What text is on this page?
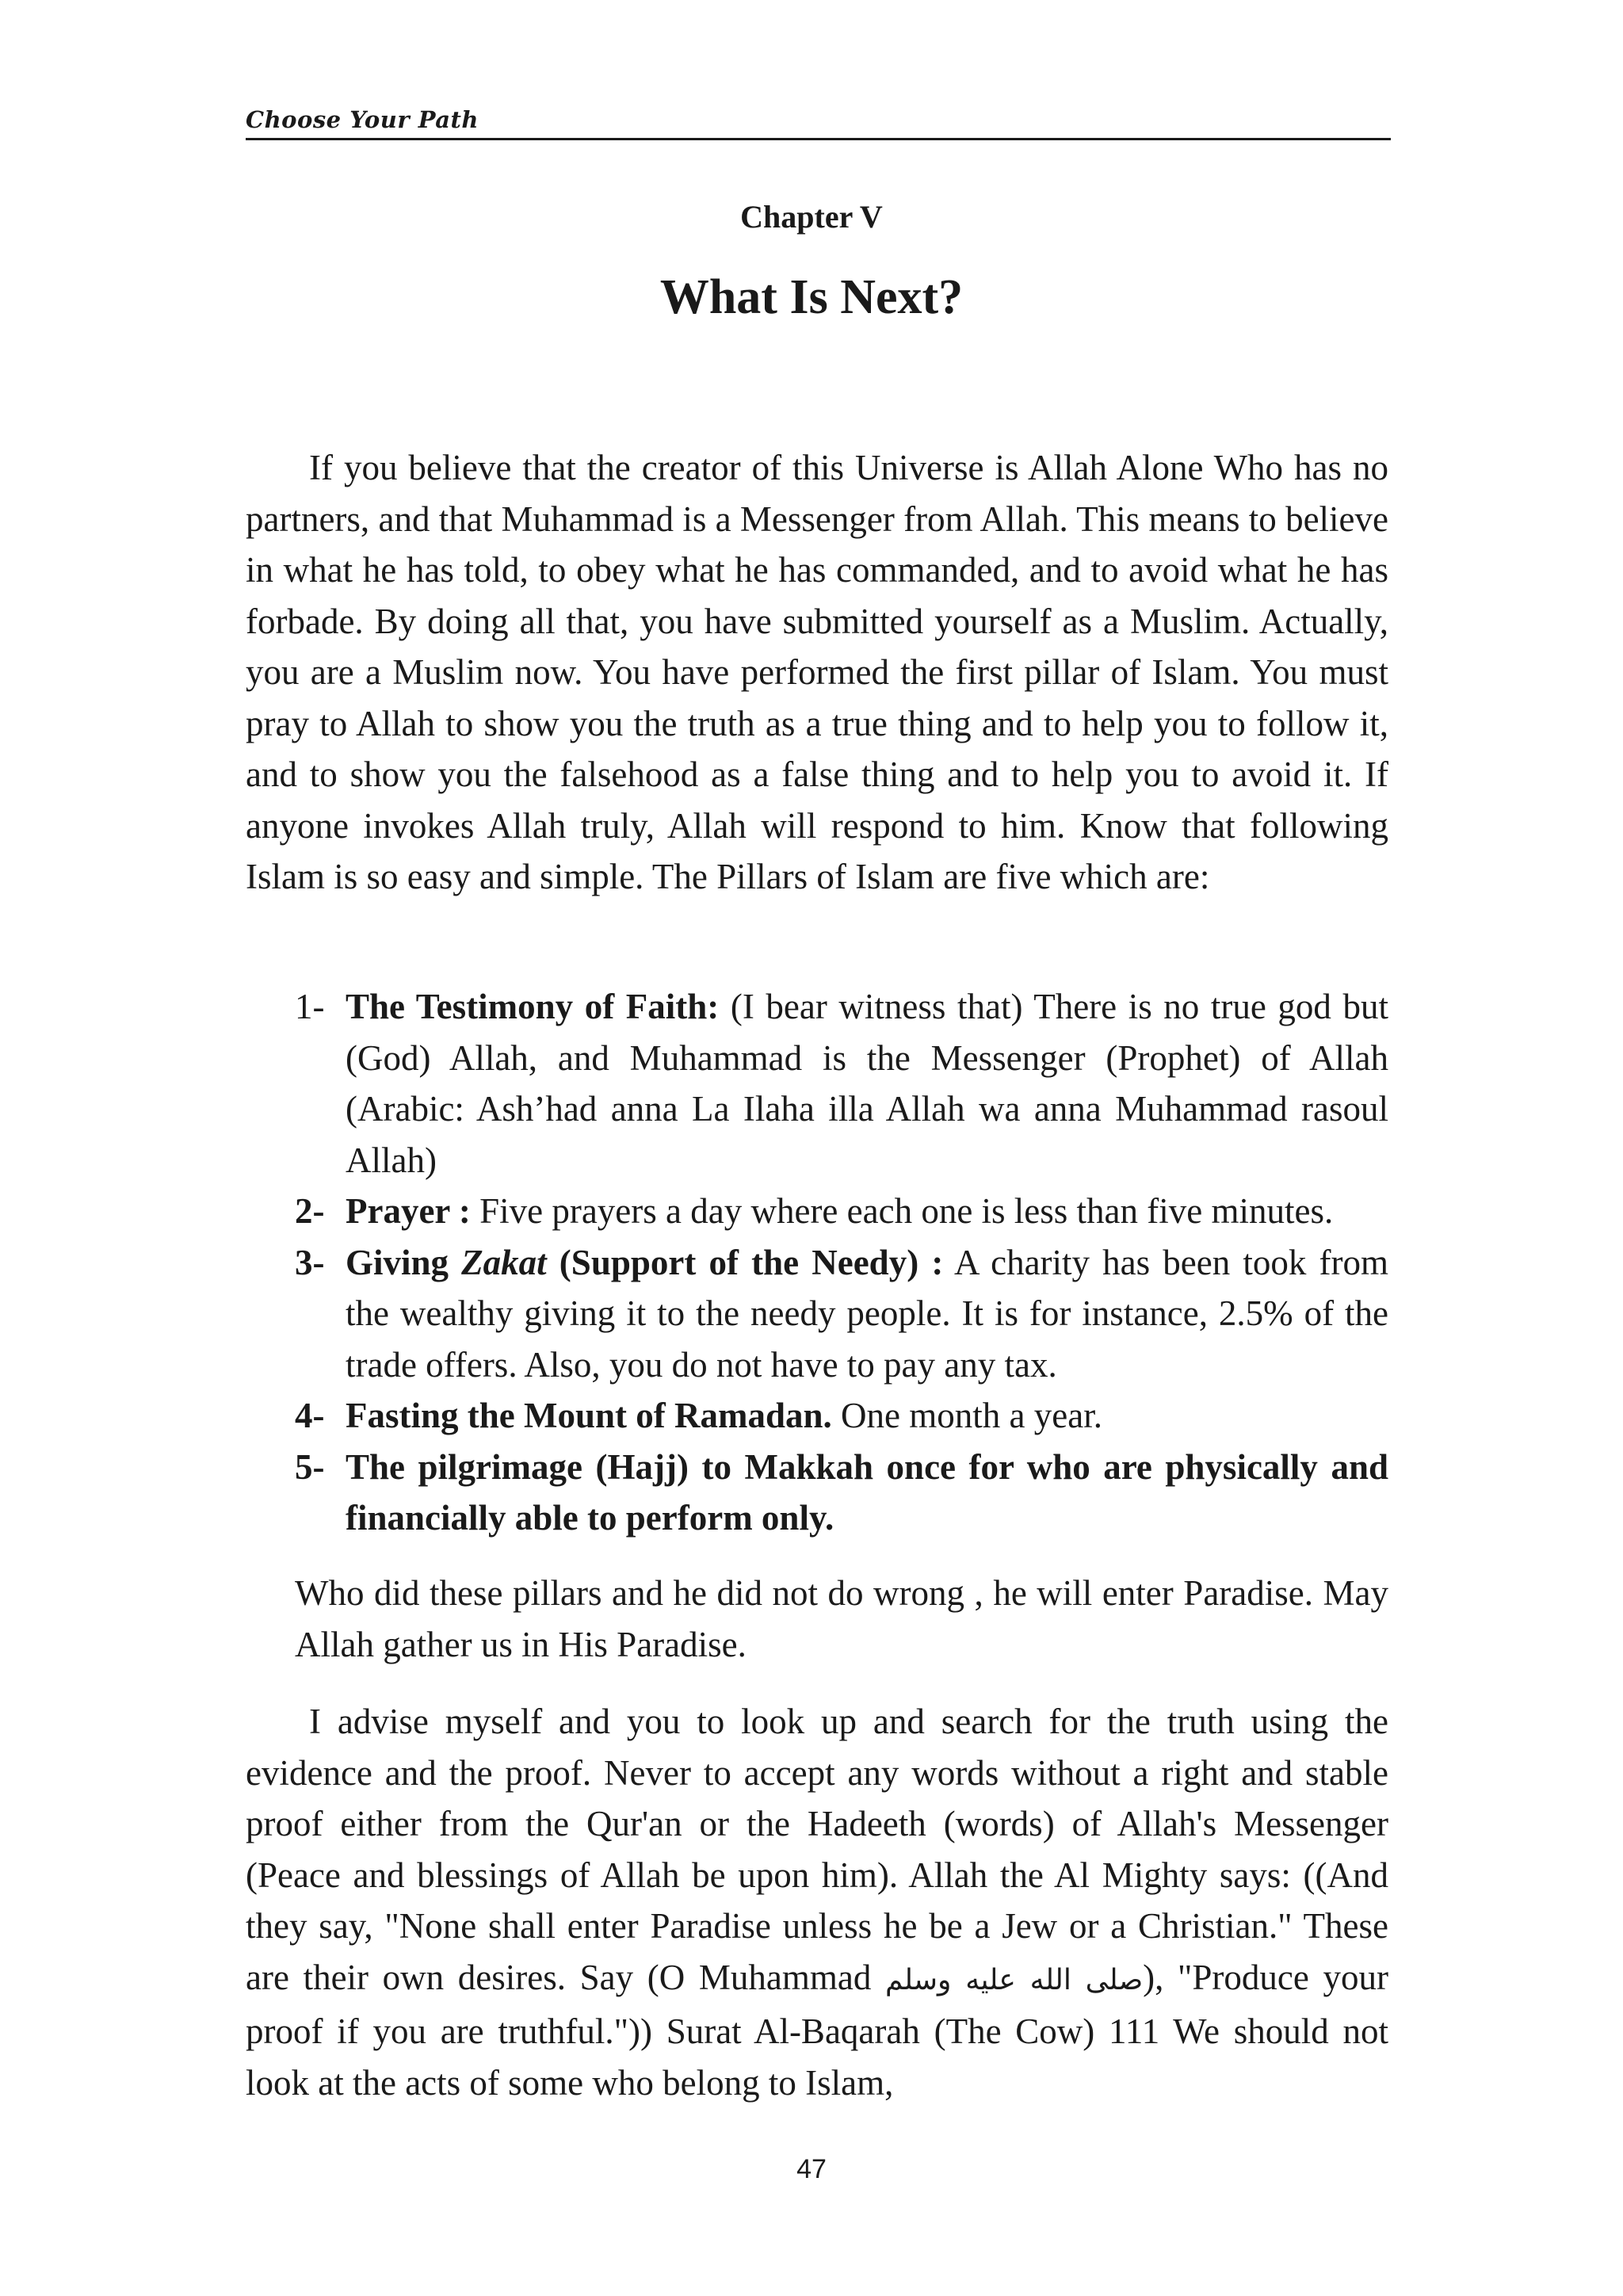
Choose Your Path
Chapter V
What Is Next?

If you believe that the creator of this Universe is Allah Alone Who has no partners, and that Muhammad is a Messenger from Allah. This means to believe in what he has told, to obey what he has commanded, and to avoid what he has forbade. By doing all that, you have submitted yourself as a Muslim. Actually, you are a Muslim now. You have performed the first pillar of Islam. You must pray to Allah to show you the truth as a true thing and to help you to follow it, and to show you the falsehood as a false thing and to help you to avoid it. If anyone invokes Allah truly, Allah will respond to him. Know that following Islam is so easy and simple. The Pillars of Islam are five which are:

1- The Testimony of Faith: (I bear witness that) There is no true god but (God) Allah, and Muhammad is the Messenger (Prophet) of Allah (Arabic: Ash’had anna La Ilaha illa Allah wa anna Muhammad rasoul Allah)
2- Prayer : Five prayers a day where each one is less than five minutes.
3- Giving Zakat (Support of the Needy) : A charity has been took from the wealthy giving it to the needy people. It is for instance, 2.5% of the trade offers. Also, you do not have to pay any tax.
4- Fasting the Mount of Ramadan. One month a year.
5- The pilgrimage (Hajj) to Makkah once for who are physically and financially able to perform only.

Who did these pillars and he did not do wrong , he will enter Paradise. May Allah gather us in His Paradise.

I advise myself and you to look up and search for the truth using the evidence and the proof. Never to accept any words without a right and stable proof either from the Qur'an or the Hadeeth (words) of Allah's Messenger (Peace and blessings of Allah be upon him). Allah the Al Mighty says: ((And they say, "None shall enter Paradise unless he be a Jew or a Christian." These are their own desires. Say (O Muhammad صلى الله عليه وسلم), "Produce your proof if you are truthful.")) Surat Al-Baqarah (The Cow) 111 We should not look at the acts of some who belong to Islam,

47
